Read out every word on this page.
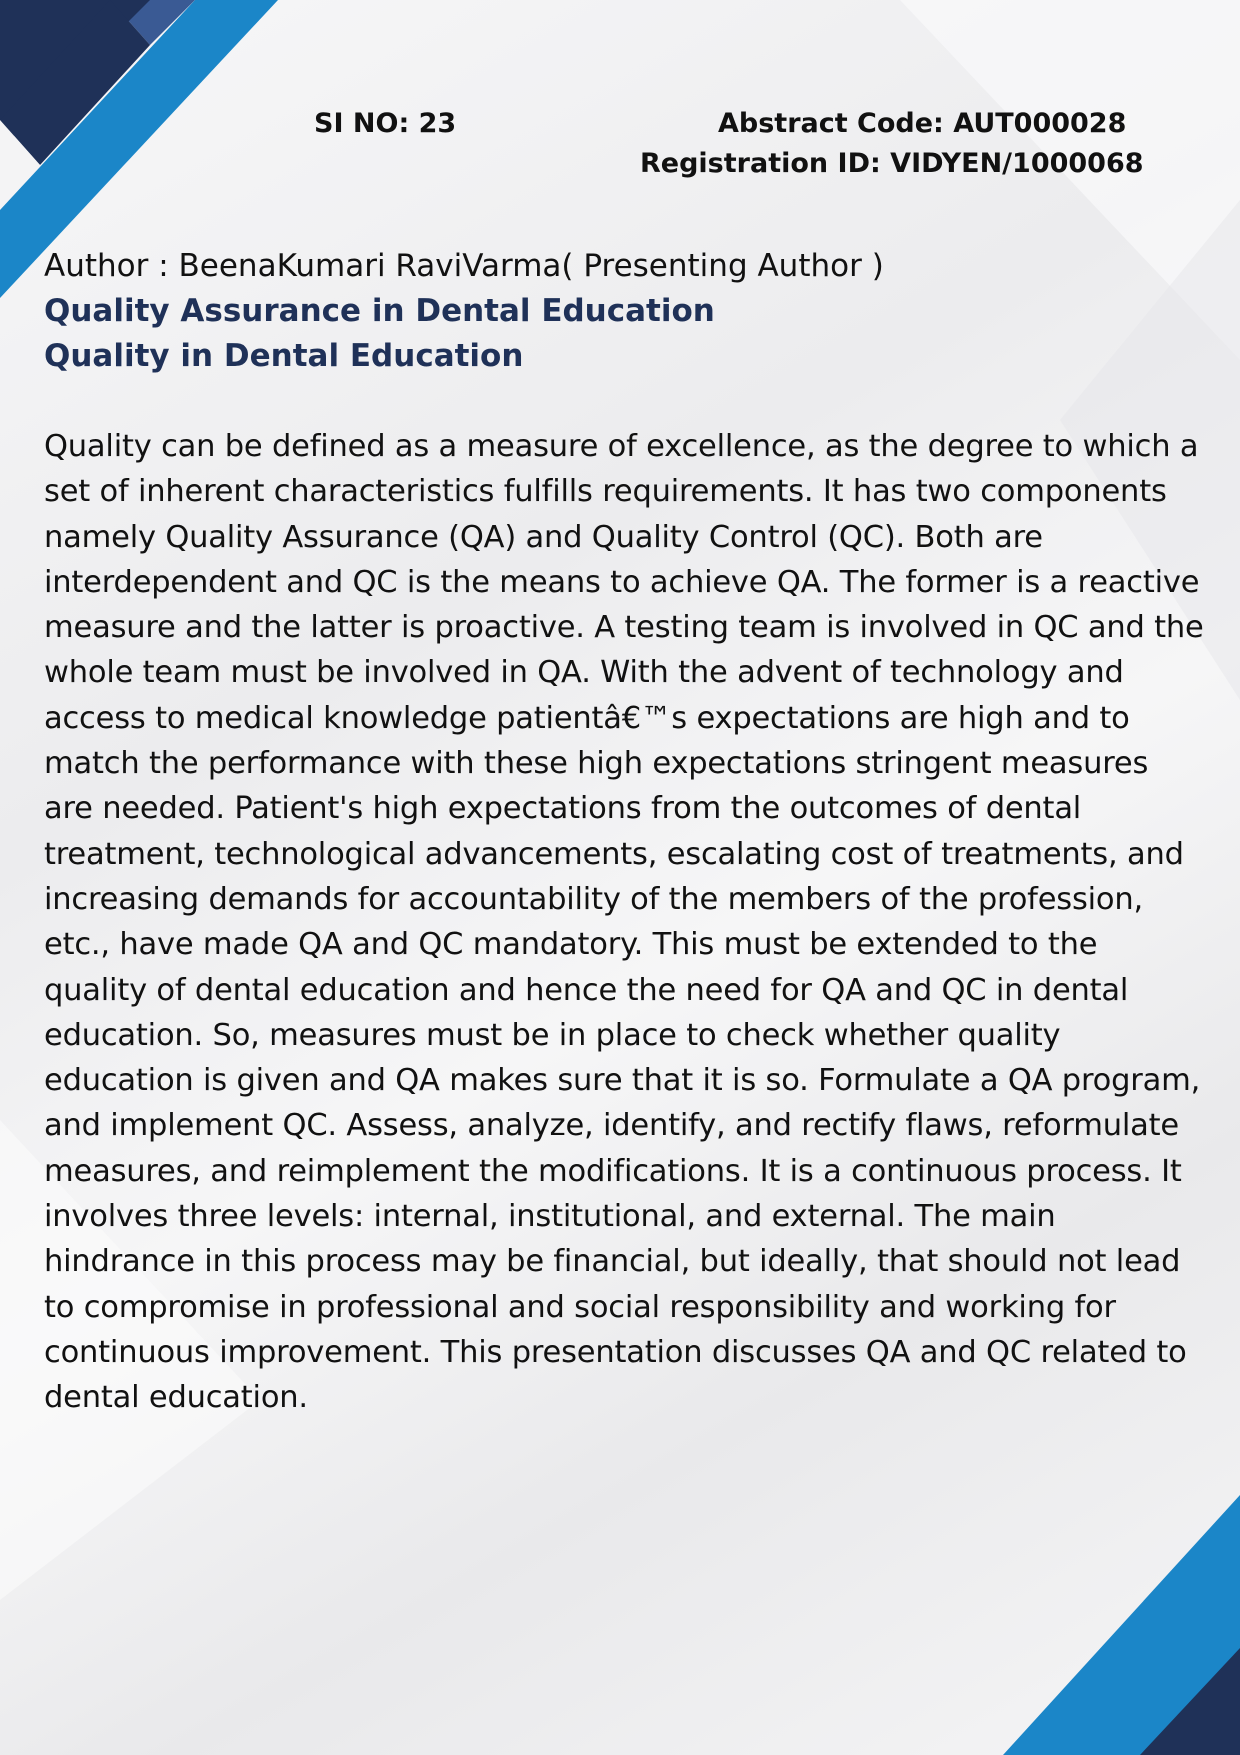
SI NO: 23	Abstract Code: AUT000028
Registration ID: VIDYEN/1000068
Author : BeenaKumari RaviVarma( Presenting Author )
Quality Assurance in Dental Education
Quality in Dental Education
Quality can be defined as a measure of excellence, as the degree to which a set of inherent characteristics fulfills requirements. It has two components namely Quality Assurance (QA) and Quality Control (QC). Both are interdependent and QC is the means to achieve QA. The former is a reactive measure and the latter is proactive. A testing team is involved in QC and the whole team must be involved in QA. With the advent of technology and access to medical knowledge patientâ€™s expectations are high and to match the performance with these high expectations stringent measures are needed. Patient's high expectations from the outcomes of dental treatment, technological advancements, escalating cost of treatments, and increasing demands for accountability of the members of the profession, etc., have made QA and QC mandatory. This must be extended to the quality of dental education and hence the need for QA and QC in dental education. So, measures must be in place to check whether quality education is given and QA makes sure that it is so. Formulate a QA program, and implement QC. Assess, analyze, identify, and rectify flaws, reformulate measures, and reimplement the modifications. It is a continuous process. It involves three levels: internal, institutional, and external. The main hindrance in this process may be financial, but ideally, that should not lead to compromise in professional and social responsibility and working for continuous improvement. This presentation discusses QA and QC related to dental education.
